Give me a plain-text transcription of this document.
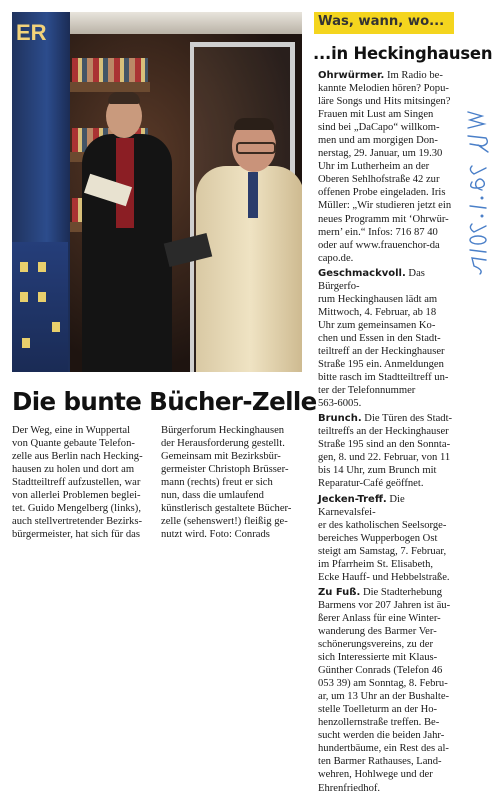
ER
Die bunte Bücher-Zelle

Der Weg, eine in Wuppertal

von Quante gebaute Telefon-

zelle aus Berlin nach Hecking-

hausen zu holen und dort am

Stadtteiltreff aufzustellen, war

von allerlei Problemen beglei-

tet. Guido Mengelberg (links),

auch stellvertretender Bezirks-

bürgermeister, hat sich für das

Bürgerforum Heckinghausen

der Herausforderung gestellt.

Gemeinsam mit Bezirksbür-

germeister Christoph Brüsser-

mann (rechts) freut er sich

nun, dass die umlaufend

künstlerisch gestaltete Bücher-

zelle (sehenswert!) fleißig ge-

nutzt wird. Foto: Conrads

Was, wann, wo...
...in Heckinghausen

Ohrwürmer. Im Radio be-

kannte Melodien hören? Popu-

läre Songs und Hits mitsingen?

Frauen mit Lust am Singen

sind bei „DaCapo“ willkom-

men und am morgigen Don-

nerstag, 29. Januar, um 19.30

Uhr im Lutherheim an der

Oberen Sehlhofstraße 42 zur

offenen Probe eingeladen. Iris

Müller: „Wir studieren jetzt ein

neues Programm mit ‘Ohrwür-

mern’ ein.“ Infos: 716 87 40

oder auf www.frauenchor-da

capo.de.

Geschmackvoll. Das Bürgerfo-

rum Heckinghausen lädt am

Mittwoch, 4. Februar, ab 18

Uhr zum gemeinsamen Ko-

chen und Essen in den Stadt-

teiltreff an der Heckinghauser

Straße 195 ein. Anmeldungen

bitte rasch im Stadtteiltreff un-

ter der Telefonnummer

563-6005.

Brunch. Die Türen des Stadt-

teiltreffs an der Heckinghauser

Straße 195 sind an den Sonnta-

gen, 8. und 22. Februar, von 11

bis 14 Uhr, zum Brunch mit

Reparatur-Café geöffnet.

Jecken-Treff. Die Karnevalsfei-

er des katholischen Seelsorge-

bereiches Wupperbogen Ost

steigt am Samstag, 7. Februar,

im Pfarrheim St. Elisabeth,

Ecke Hauff- und Hebbelstraße.

Zu Fuß. Die Stadterhebung

Barmens vor 207 Jahren ist äu-

ßerer Anlass für eine Winter-

wanderung des Barmer Ver-

schönerungsvereins, zu der

sich Interessierte mit Klaus-

Günther Conrads (Telefon 46

053 39) am Sonntag, 8. Febru-

ar, um 13 Uhr an der Bushalte-

stelle Toelleturm an der Ho-

henzollernstraße treffen. Be-

sucht werden die beiden Jahr-

hundertbäume, ein Rest des al-

ten Barmer Rathauses, Land-

wehren, Hohlwege und der

Ehrenfriedhof.
